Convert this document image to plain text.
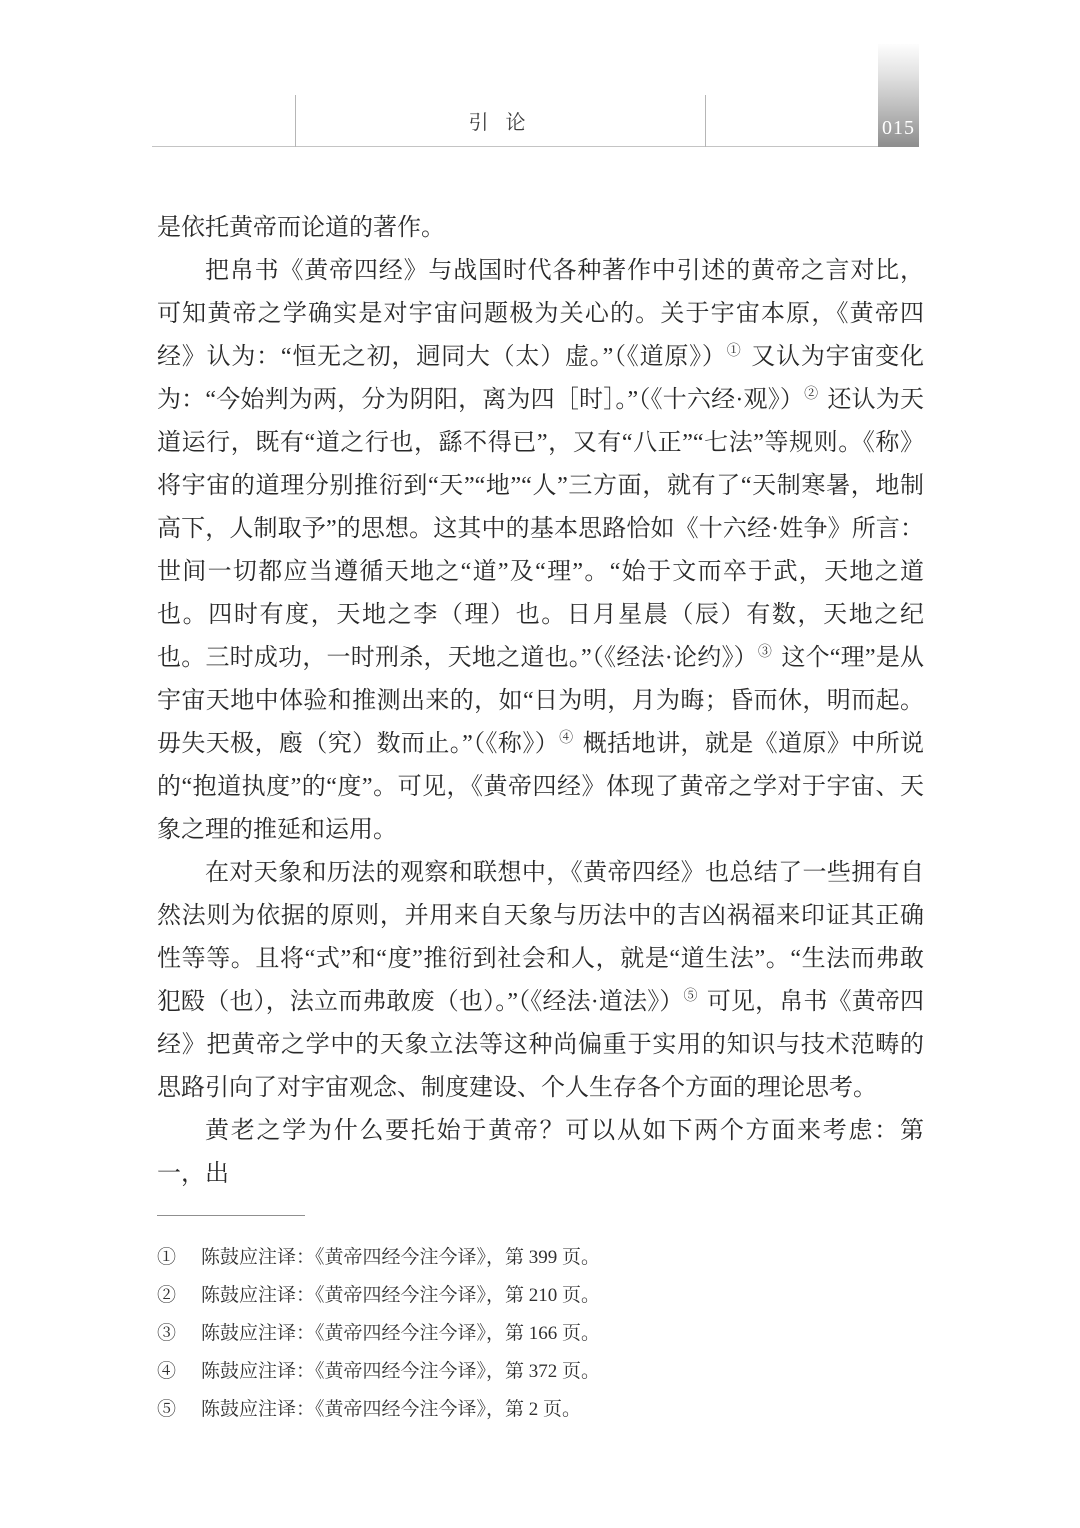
引 论	015

是依托黄帝而论道的著作。

把帛书《黄帝四经》与战国时代各种著作中引述的黄帝之言对比，可知黄帝之学确实是对宇宙问题极为关心的。关于宇宙本原，《黄帝四经》认为：“恒无之初，迵同大（太）虚。”（《道原》）① 又认为宇宙变化为：“今始判为两，分为阴阳，离为四［时］。”（《十六经·观》）② 还认为天道运行，既有“道之行也，繇不得已”，又有“八正”“七法”等规则。《称》将宇宙的道理分别推衍到“天”“地”“人”三方面，就有了“天制寒暑，地制高下，人制取予”的思想。这其中的基本思路恰如《十六经·姓争》所言：世间一切都应当遵循天地之“道”及“理”。“始于文而卒于武，天地之道也。四时有度，天地之李（理）也。日月星晨（辰）有数，天地之纪也。三时成功，一时刑杀，天地之道也。”（《经法·论约》）③ 这个“理”是从宇宙天地中体验和推测出来的，如“日为明，月为晦；昏而休，明而起。毋失天极，廏（究）数而止。”（《称》）④ 概括地讲，就是《道原》中所说的“抱道执度”的“度”。可见，《黄帝四经》体现了黄帝之学对于宇宙、天象之理的推延和运用。

在对天象和历法的观察和联想中，《黄帝四经》也总结了一些拥有自然法则为依据的原则，并用来自天象与历法中的吉凶祸福来印证其正确性等等。且将“式”和“度”推衍到社会和人，就是“道生法”。“生法而弗敢犯殹（也），法立而弗敢废（也）。”（《经法·道法》）⑤ 可见，帛书《黄帝四经》把黄帝之学中的天象立法等这种尚偏重于实用的知识与技术范畴的思路引向了对宇宙观念、制度建设、个人生存各个方面的理论思考。

黄老之学为什么要托始于黄帝？可以从如下两个方面来考虑：第一，出

①	陈鼓应注译：《黄帝四经今注今译》，第 399 页。
②	陈鼓应注译：《黄帝四经今注今译》，第 210 页。
③	陈鼓应注译：《黄帝四经今注今译》，第 166 页。
④	陈鼓应注译：《黄帝四经今注今译》，第 372 页。
⑤	陈鼓应注译：《黄帝四经今注今译》，第 2 页。
